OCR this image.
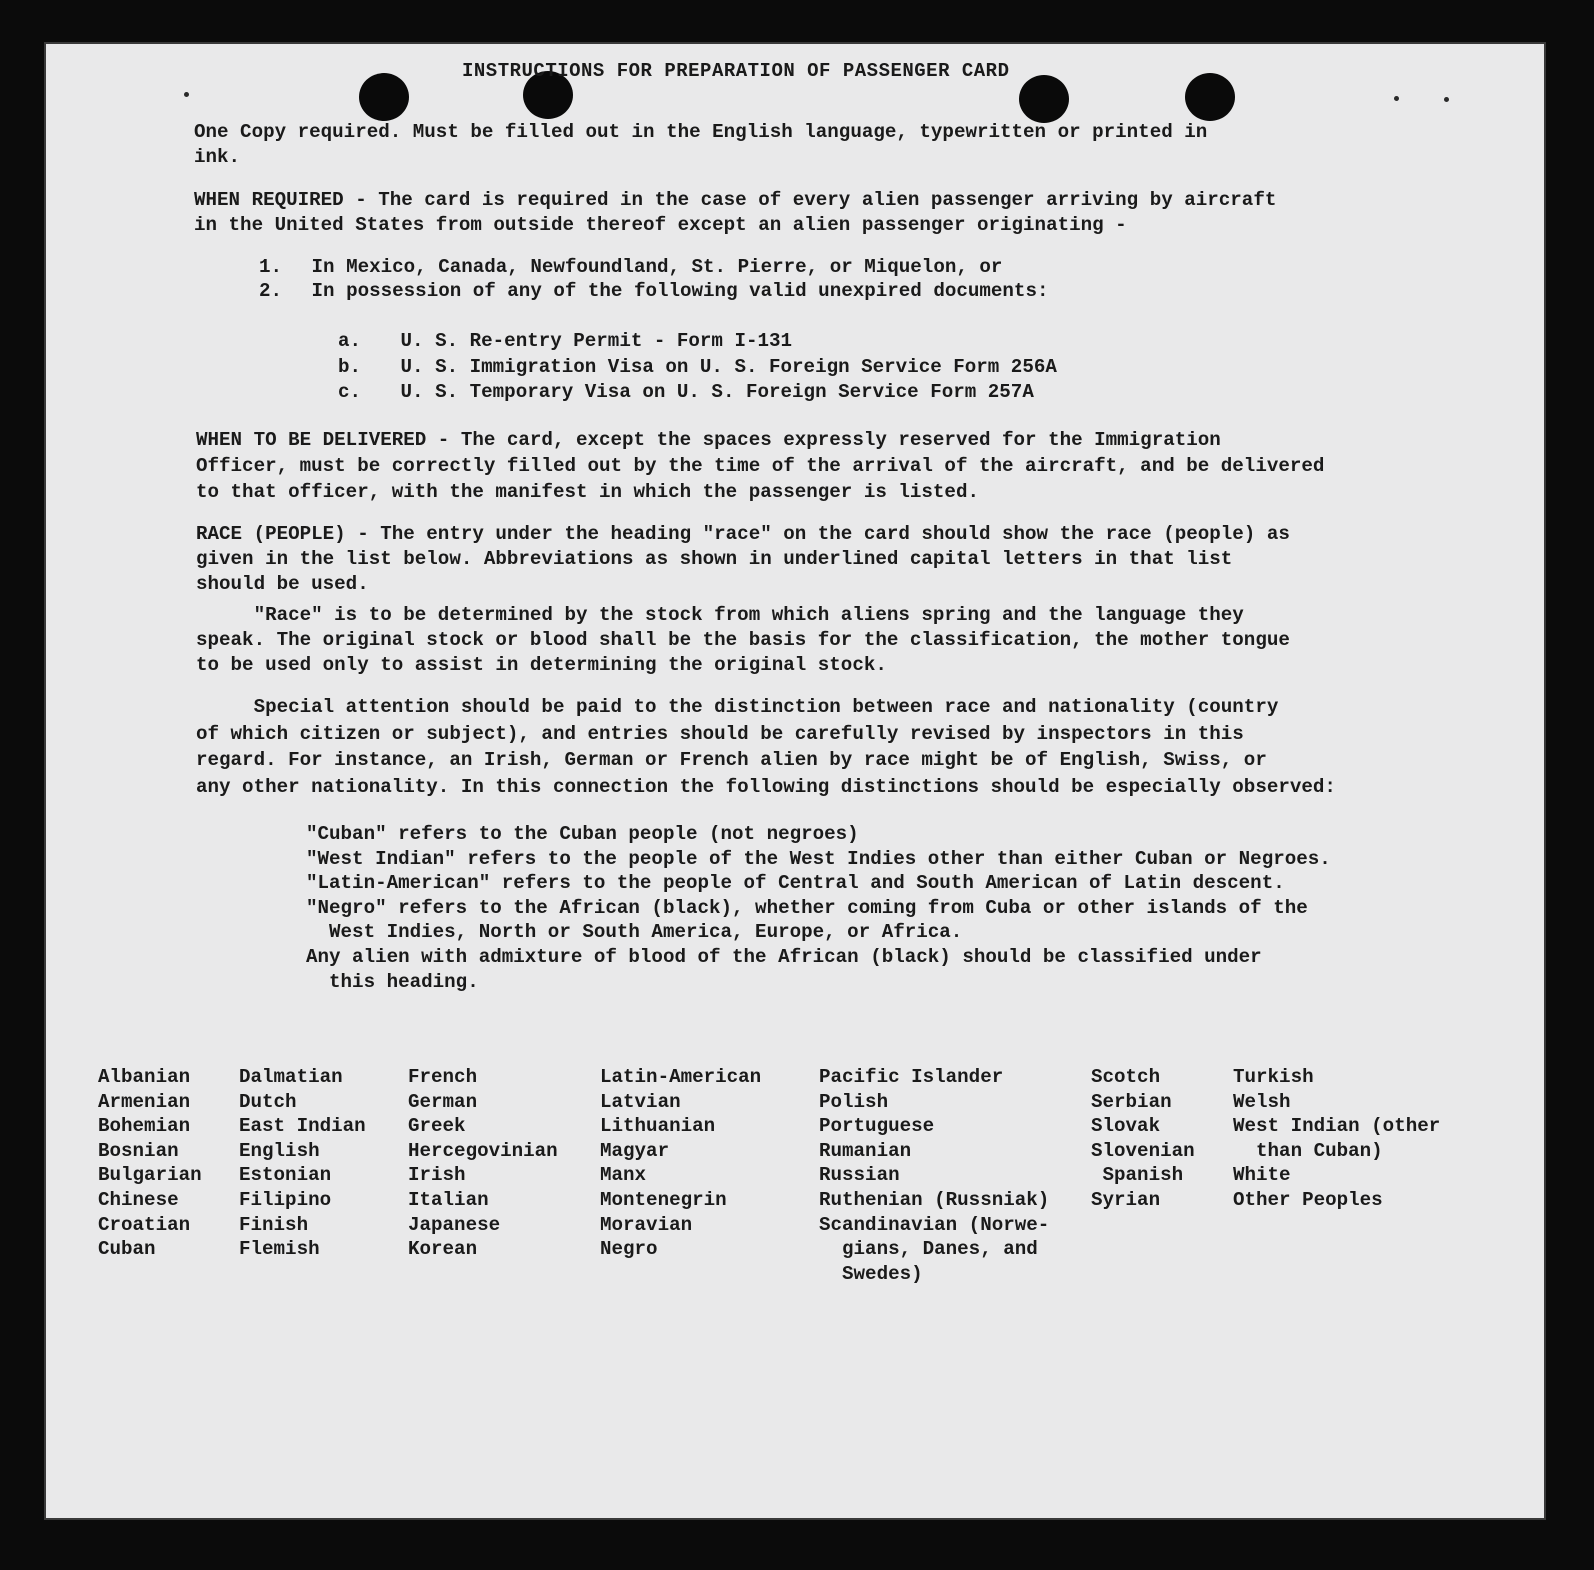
INSTRUCTIONS FOR PREPARATION OF PASSENGER CARD
One Copy required. Must be filled out in the English language, typewritten or printed in
ink.
WHEN REQUIRED - The card is required in the case of every alien passenger arriving by aircraft
in the United States from outside thereof except an alien passenger originating -
1. In Mexico, Canada, Newfoundland, St. Pierre, or Miquelon, or
2. In possession of any of the following valid unexpired documents:
a. U. S. Re-entry Permit - Form I-131
b. U. S. Immigration Visa on U. S. Foreign Service Form 256A
c. U. S. Temporary Visa on U. S. Foreign Service Form 257A
WHEN TO BE DELIVERED - The card, except the spaces expressly reserved for the Immigration
Officer, must be correctly filled out by the time of the arrival of the aircraft, and be delivered
to that officer, with the manifest in which the passenger is listed.
RACE (PEOPLE) - The entry under the heading "race" on the card should show the race (people) as
given in the list below. Abbreviations as shown in underlined capital letters in that list
should be used.
"Race" is to be determined by the stock from which aliens spring and the language they
speak. The original stock or blood shall be the basis for the classification, the mother tongue
to be used only to assist in determining the original stock.
Special attention should be paid to the distinction between race and nationality (country
of which citizen or subject), and entries should be carefully revised by inspectors in this
regard. For instance, an Irish, German or French alien by race might be of English, Swiss, or
any other nationality. In this connection the following distinctions should be especially observed:
"Cuban" refers to the Cuban people (not negroes)
"West Indian" refers to the people of the West Indies other than either Cuban or Negroes.
"Latin-American" refers to the people of Central and South American of Latin descent.
"Negro" refers to the African (black), whether coming from Cuba or other islands of the
West Indies, North or South America, Europe, or Africa.
Any alien with admixture of blood of the African (black) should be classified under
this heading.
Albanian
Armenian
Bohemian
Bosnian
Bulgarian
Chinese
Croatian
Cuban
Dalmatian
Dutch
East Indian
English
Estonian
Filipino
Finish
Flemish
French
German
Greek
Hercegovinian
Irish
Italian
Japanese
Korean
Latin-American
Latvian
Lithuanian
Magyar
Manx
Montenegrin
Moravian
Negro
Pacific Islander
Polish
Portuguese
Rumanian
Russian
Ruthenian (Russniak)
Scandinavian (Norwe-
gians, Danes, and
Swedes)
Scotch
Serbian
Slovak
Slovenian
Spanish
Syrian
Turkish
Welsh
West Indian (other
than Cuban)
White
Other Peoples
